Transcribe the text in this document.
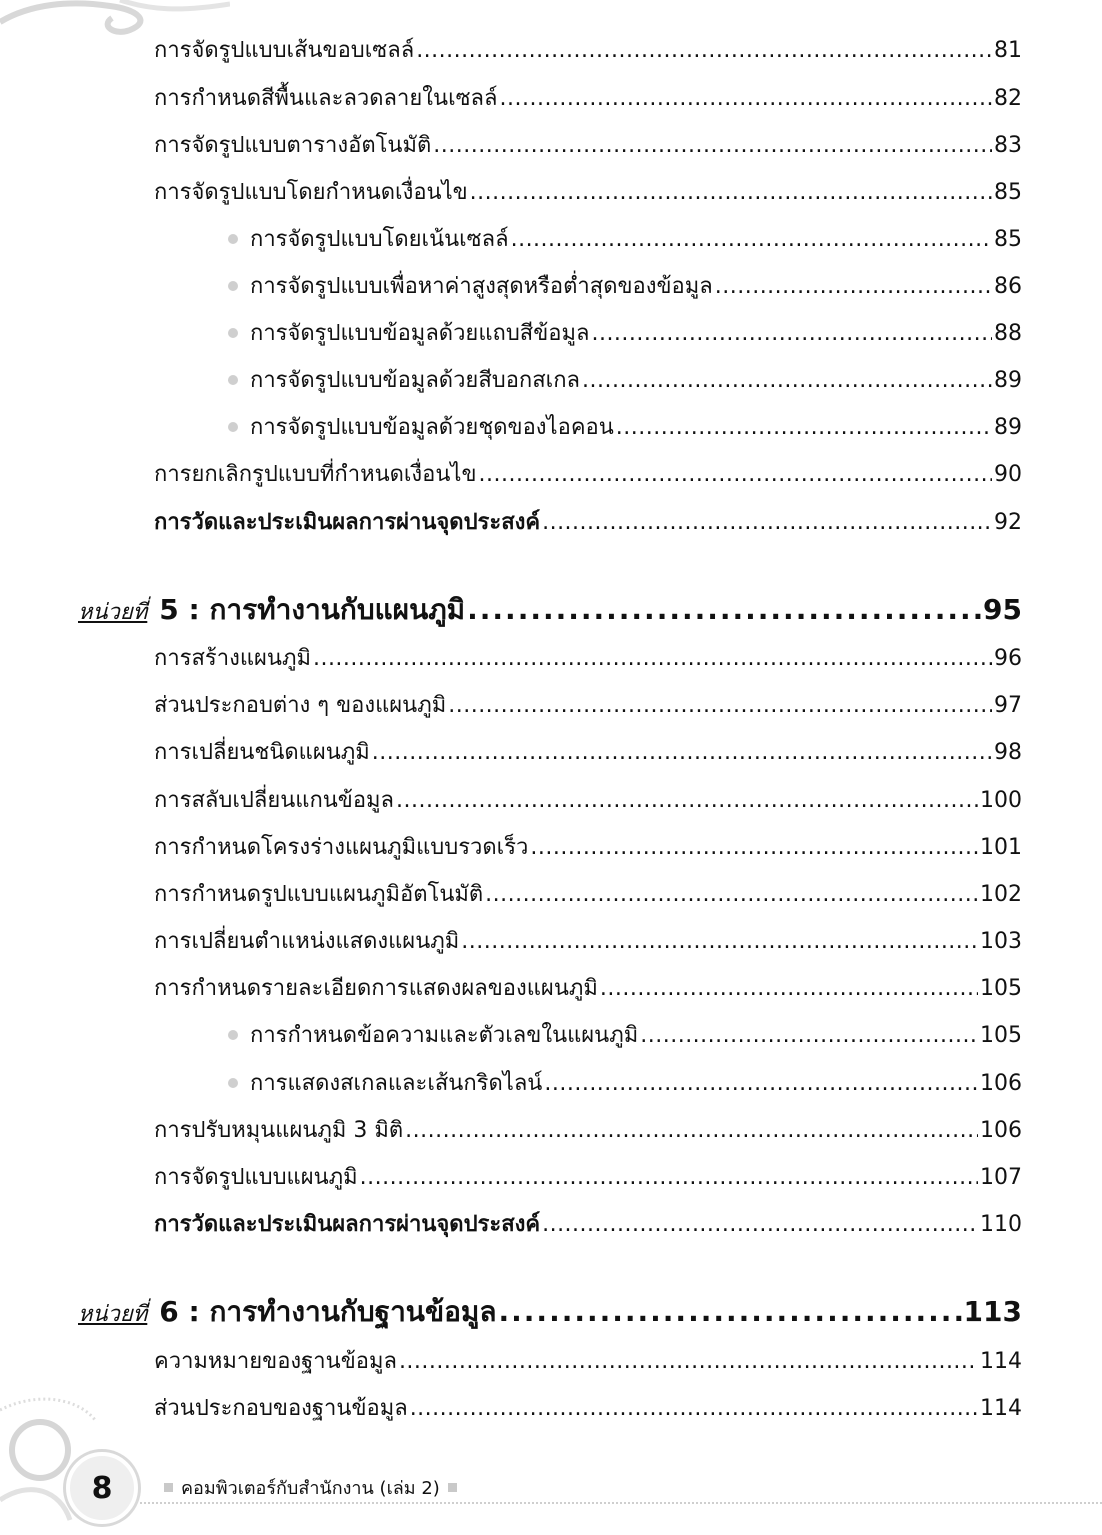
การจัดรูปแบบเส้นขอบเซลล์ .....	81
การกำหนดสีพื้นและลวดลายในเซลล์ .....	82
การจัดรูปแบบตารางอัตโนมัติ .....	83
การจัดรูปแบบโดยกำหนดเงื่อนไข .....	85
การจัดรูปแบบโดยเน้นเซลล์ .....	85
การจัดรูปแบบเพื่อหาค่าสูงสุดหรือต่ำสุดของข้อมูล .....	86
การจัดรูปแบบข้อมูลด้วยแถบสีข้อมูล .....	88
การจัดรูปแบบข้อมูลด้วยสีบอกสเกล .....	89
การจัดรูปแบบข้อมูลด้วยชุดของไอคอน .....	89
การยกเลิกรูปแบบที่กำหนดเงื่อนไข .....	90
การวัดและประเมินผลการผ่านจุดประสงค์ .....	92
หน่วยที่ 5 : การทำงานกับแผนภูมิ .....	95
การสร้างแผนภูมิ .....	96
ส่วนประกอบต่าง ๆ ของแผนภูมิ .....	97
การเปลี่ยนชนิดแผนภูมิ .....	98
การสลับเปลี่ยนแกนข้อมูล .....	100
การกำหนดโครงร่างแผนภูมิแบบรวดเร็ว .....	101
การกำหนดรูปแบบแผนภูมิอัตโนมัติ .....	102
การเปลี่ยนตำแหน่งแสดงแผนภูมิ .....	103
การกำหนดรายละเอียดการแสดงผลของแผนภูมิ .....	105
การกำหนดข้อความและตัวเลขในแผนภูมิ .....	105
การแสดงสเกลและเส้นกริดไลน์ .....	106
การปรับหมุนแผนภูมิ 3 มิติ .....	106
การจัดรูปแบบแผนภูมิ .....	107
การวัดและประเมินผลการผ่านจุดประสงค์ .....	110
หน่วยที่ 6 : การทำงานกับฐานข้อมูล .....	113
ความหมายของฐานข้อมูล .....	114
ส่วนประกอบของฐานข้อมูล .....	114
8	คอมพิวเตอร์กับสำนักงาน (เล่ม 2)
